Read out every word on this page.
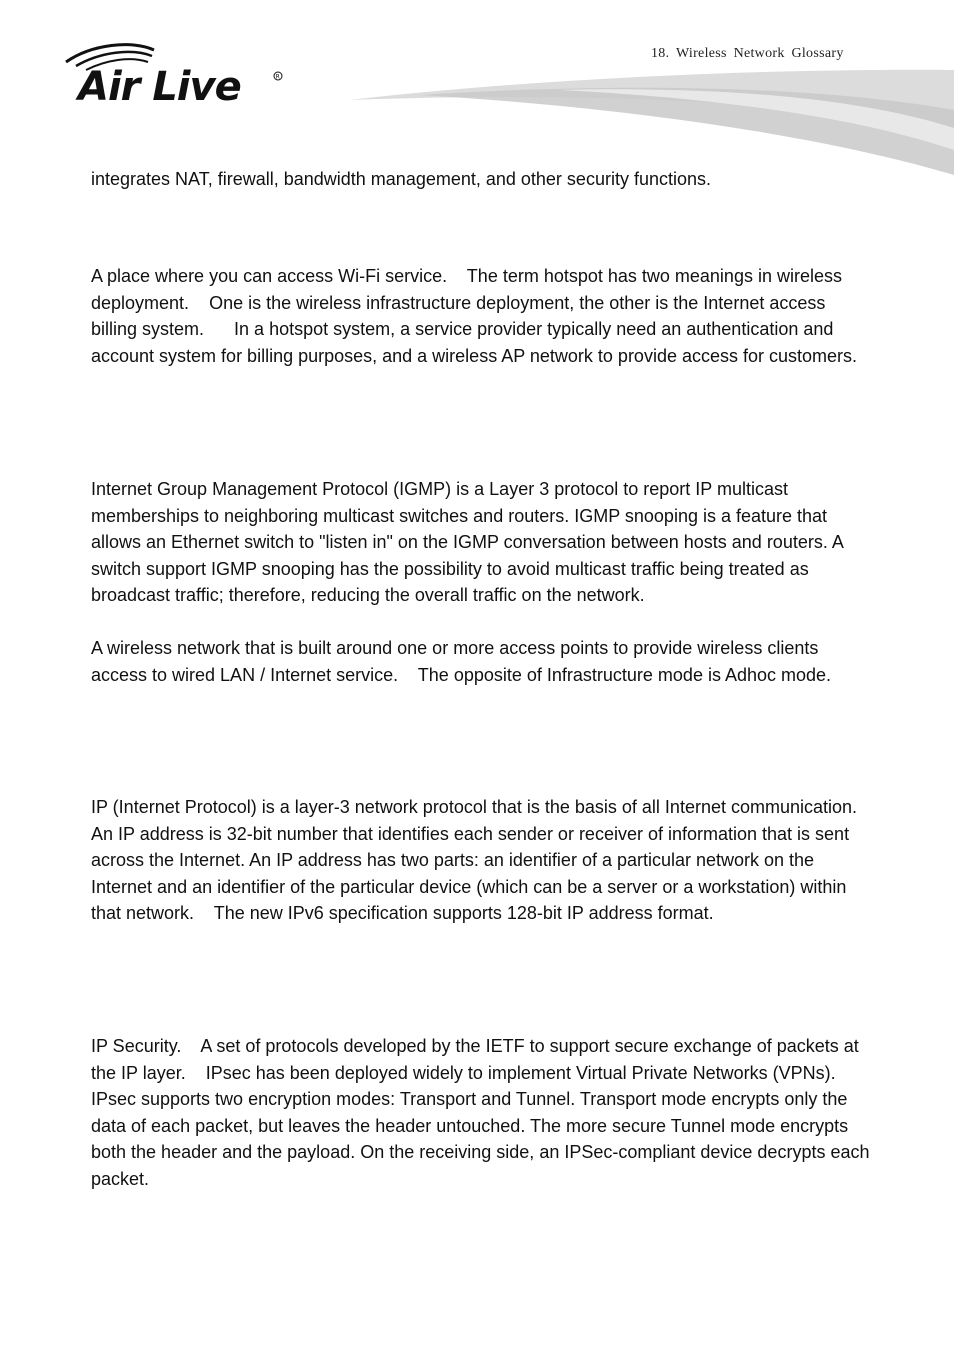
Air Live	R
18. Wireless Network Glossary

integrates NAT, firewall, bandwidth management, and other security functions.

A place where you can access Wi-Fi service.    The term hotspot has two meanings in wireless deployment.    One is the wireless infrastructure deployment, the other is the Internet access billing system.      In a hotspot system, a service provider typically need an authentication and account system for billing purposes, and a wireless AP network to provide access for customers.

Internet Group Management Protocol (IGMP) is a Layer 3 protocol to report IP multicast memberships to neighboring multicast switches and routers. IGMP snooping is a feature that allows an Ethernet switch to "listen in" on the IGMP conversation between hosts and routers. A switch support IGMP snooping has the possibility to avoid multicast traffic being treated as broadcast traffic; therefore, reducing the overall traffic on the network.

A wireless network that is built around one or more access points to provide wireless clients access to wired LAN / Internet service.    The opposite of Infrastructure mode is Adhoc mode.

IP (Internet Protocol) is a layer-3 network protocol that is the basis of all Internet communication.    An IP address is 32-bit number that identifies each sender or receiver of information that is sent across the Internet. An IP address has two parts: an identifier of a particular network on the Internet and an identifier of the particular device (which can be a server or a workstation) within that network.    The new IPv6 specification supports 128-bit IP address format.

IP Security.    A set of protocols developed by the IETF to support secure exchange of packets at the IP layer.    IPsec has been deployed widely to implement Virtual Private Networks (VPNs).    IPsec supports two encryption modes: Transport and Tunnel. Transport mode encrypts only the data of each packet, but leaves the header untouched. The more secure Tunnel mode encrypts both the header and the payload. On the receiving side, an IPSec-compliant device decrypts each packet.
